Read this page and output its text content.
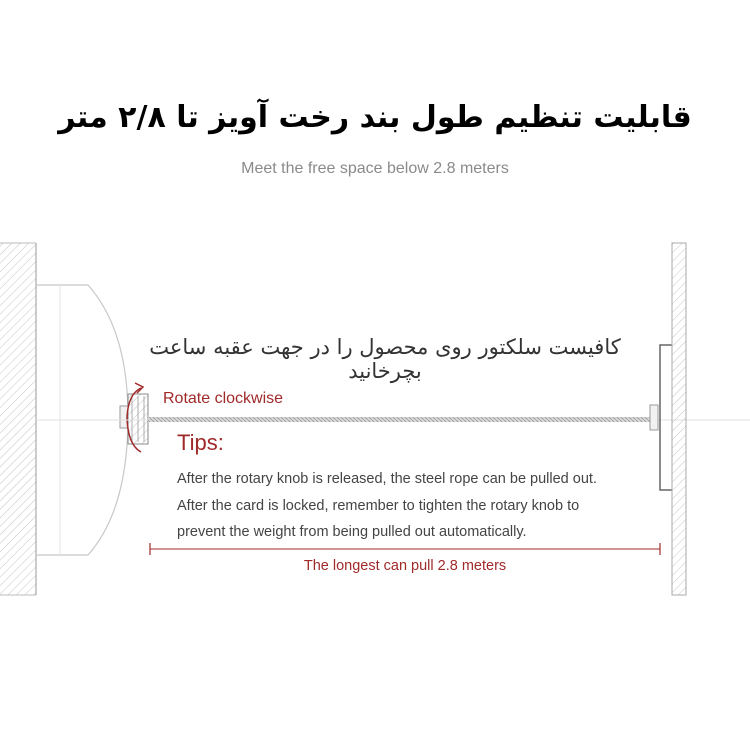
قابلیت تنظیم طول بند رخت آویز تا ۲/۸ متر
Meet the free space below 2.8 meters
کافیست سلکتور روی محصول را در جهت عقبه ساعت بچرخانید
Rotate clockwise
Tips:
After the rotary knob is released, the steel rope can be pulled out.
After the card is locked, remember to tighten the rotary knob to
prevent the weight from being pulled out automatically.
The longest can pull 2.8 meters
